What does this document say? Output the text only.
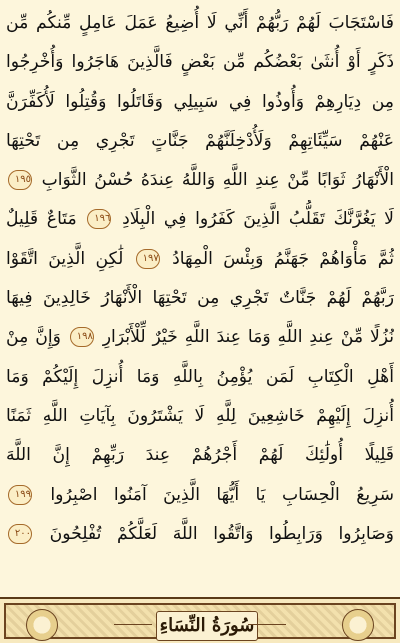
فَاسْتَجَابَ لَهُمْ رَبُّهُمْ أَنِّي لَا أُضِيعُ عَمَلَ عَامِلٍ مِّنكُم مِّن
ذَكَرٍ أَوْ أُنثَىٰ بَعْضُكُم مِّن بَعْضٍ فَالَّذِينَ هَاجَرُوا وَأُخْرِجُوا
مِن دِيَارِهِمْ وَأُوذُوا فِي سَبِيلِي وَقَاتَلُوا وَقُتِلُوا لَأُكَفِّرَنَّ
عَنْهُمْ سَيِّئَاتِهِمْ وَلَأُدْخِلَنَّهُمْ جَنَّاتٍ تَجْرِي مِن تَحْتِهَا
الْأَنْهَارُ ثَوَابًا مِّنْ عِندِ اللَّهِ وَاللَّهُ عِندَهُ حُسْنُ الثَّوَابِ ١٩٥
لَا يَغُرَّنَّكَ تَقَلُّبُ الَّذِينَ كَفَرُوا فِي الْبِلَادِ ١٩٦ مَتَاعٌ قَلِيلٌ
ثُمَّ مَأْوَاهُمْ جَهَنَّمُ وَبِئْسَ الْمِهَادُ ١٩٧ لَٰكِنِ الَّذِينَ اتَّقَوْا
رَبَّهُمْ لَهُمْ جَنَّاتٌ تَجْرِي مِن تَحْتِهَا الْأَنْهَارُ خَالِدِينَ فِيهَا
نُزُلًا مِّنْ عِندِ اللَّهِ وَمَا عِندَ اللَّهِ خَيْرٌ لِّلْأَبْرَارِ ١٩٨ وَإِنَّ مِنْ
أَهْلِ الْكِتَابِ لَمَن يُؤْمِنُ بِاللَّهِ وَمَا أُنزِلَ إِلَيْكُمْ وَمَا
أُنزِلَ إِلَيْهِمْ خَاشِعِينَ لِلَّهِ لَا يَشْتَرُونَ بِآيَاتِ اللَّهِ ثَمَنًا
قَلِيلًا أُولَٰئِكَ لَهُمْ أَجْرُهُمْ عِندَ رَبِّهِمْ إِنَّ اللَّهَ
سَرِيعُ الْحِسَابِ يَا أَيُّهَا الَّذِينَ آمَنُوا اصْبِرُوا ١٩٩
وَصَابِرُوا وَرَابِطُوا وَاتَّقُوا اللَّهَ لَعَلَّكُمْ تُفْلِحُونَ ٢٠٠
سُورَةُ النِّسَاءِ
